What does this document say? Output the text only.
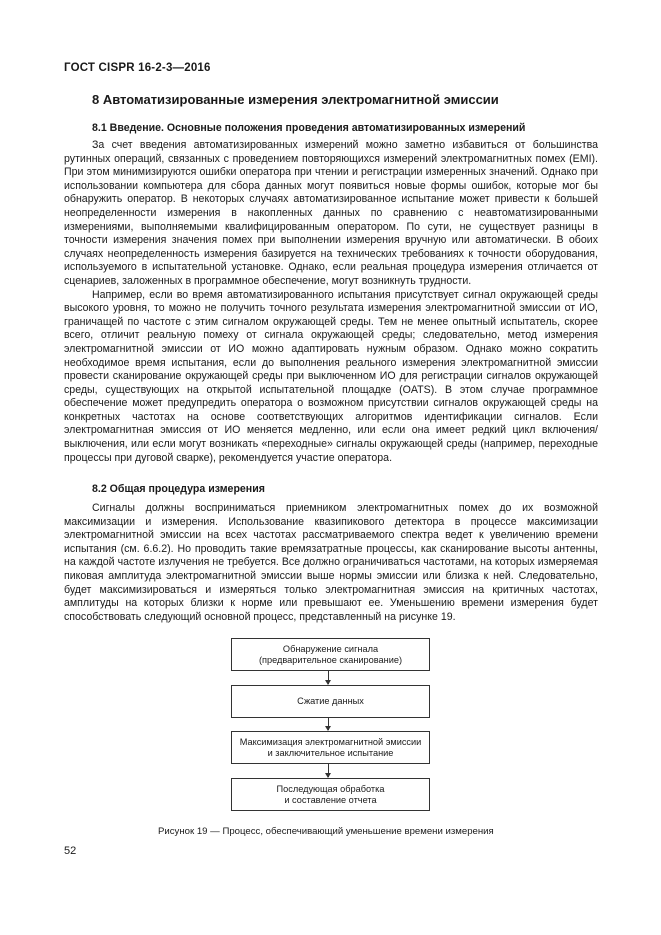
ГОСТ CISPR 16-2-3—2016
8 Автоматизированные измерения электромагнитной эмиссии
8.1 Введение. Основные положения проведения автоматизированных измерений

За счет введения автоматизированных измерений можно заметно избавиться от большинства рутинных операций, связанных с проведением повторяющихся измерений электромагнитных помех (EMI). При этом минимизируются ошибки оператора при чтении и регистрации измеренных значений. Однако при использовании компьютера для сбора данных могут появиться новые формы ошибок, которые мог бы обнаружить оператор. В некоторых случаях автоматизированное испытание может привести к большей неопределенности измерения в накопленных данных по сравнению с неавтоматизированными измерениями, выполняемыми квалифицированным оператором. По сути, не существует разницы в точности измерения значения помех при выполнении измерения вручную или автоматически. В обоих случаях неопределенность измерения базируется на технических требованиях к точности оборудования, используемого в испытательной установке. Однако, если реальная процедура измерения отличается от сценариев, заложенных в программное обеспечение, могут возникнуть трудности.

Например, если во время автоматизированного испытания присутствует сигнал окружающей среды высокого уровня, то можно не получить точного результата измерения электромагнитной эмиссии от ИО, граничащей по частоте с этим сигналом окружающей среды. Тем не менее опытный испытатель, скорее всего, отличит реальную помеху от сигнала окружающей среды; следовательно, метод измерения электромагнитной эмиссии от ИО можно адаптировать нужным образом. Однако можно сократить необходимое время испытания, если до выполнения реального измерения электромагнитной эмиссии провести сканирование окружающей среды при выключенном ИО для регистрации сигналов окружающей среды, существующих на открытой испытательной площадке (OATS). В этом случае программное обеспечение может предупредить оператора о возможном присутствии сигналов окружающей среды на конкретных частотах на основе соответствующих алгоритмов идентификации сигналов. Если электромагнитная эмиссия от ИО меняется медленно, или если она имеет редкий цикл включения/выключения, или если могут возникать «переходные» сигналы окружающей среды (например, переходные процессы при дуговой сварке), рекомендуется участие оператора.

8.2 Общая процедура измерения

Сигналы должны восприниматься приемником электромагнитных помех до их возможной максимизации и измерения. Использование квазипикового детектора в процессе максимизации электромагнитной эмиссии на всех частотах рассматриваемого спектра ведет к увеличению времени испытания (см. 6.6.2). Но проводить такие времязатратные процессы, как сканирование высоты антенны, на каждой частоте излучения не требуется. Все должно ограничиваться частотами, на которых измеряемая пиковая амплитуда электромагнитной эмиссии выше нормы эмиссии или близка к ней. Следовательно, будет максимизироваться и измеряться только электромагнитная эмиссия на критичных частотах, амплитуды на которых близки к норме или превышают ее. Уменьшению времени измерения будет способствовать следующий основной процесс, представленный на рисунке 19.

Обнаружение сигнала
(предварительное сканирование)
Сжатие данных
Максимизация электромагнитной эмиссии
и заключительное испытание
Последующая обработка
и составление отчета
Рисунок 19 — Процесс, обеспечивающий уменьшение времени измерения
52
